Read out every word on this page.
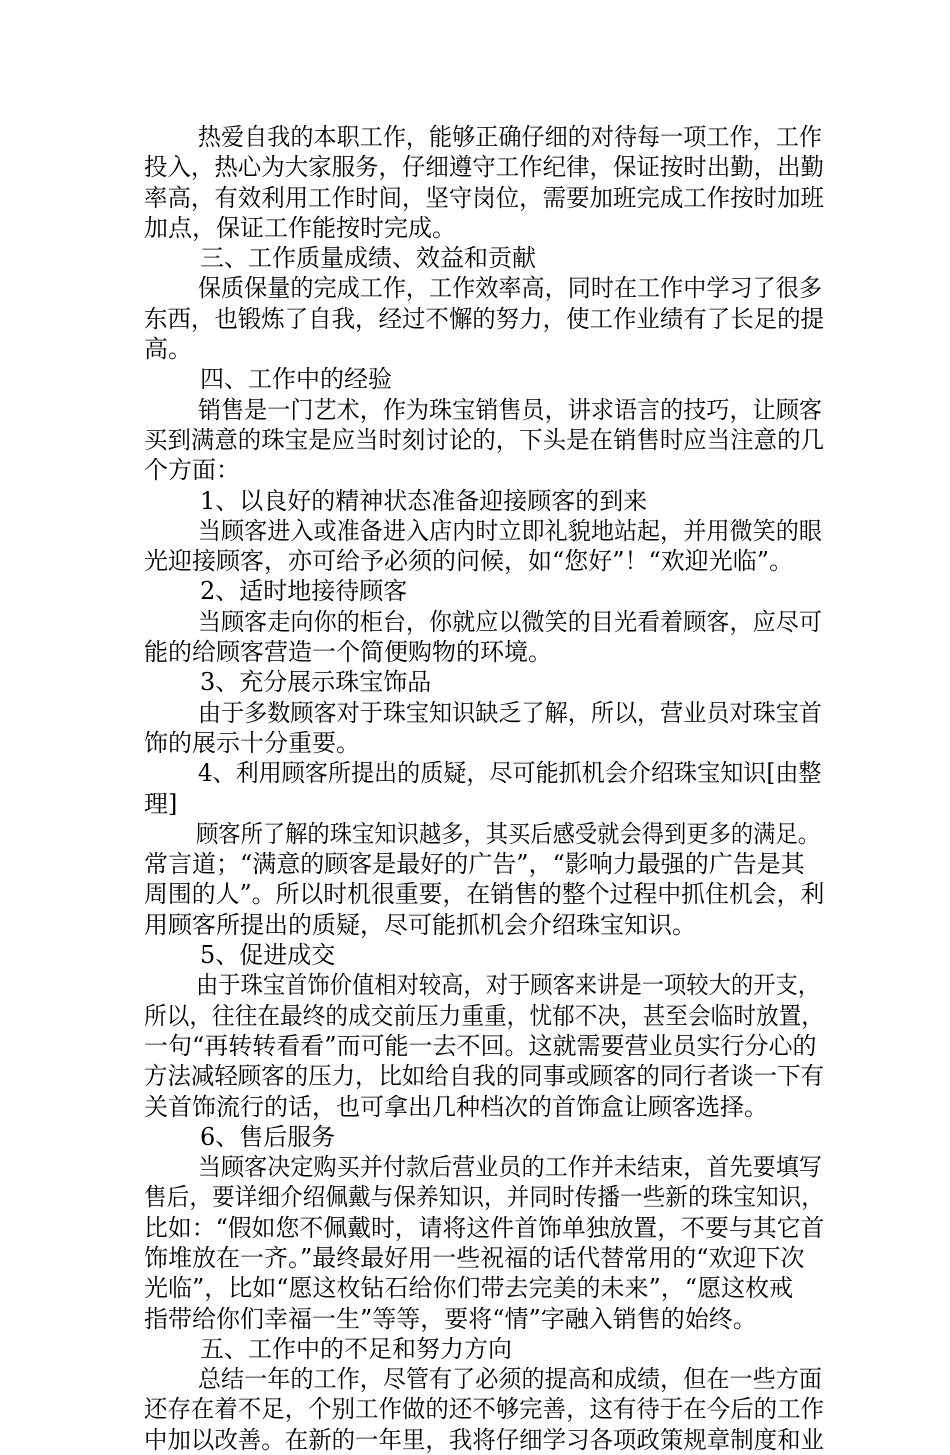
热爱自我的本职工作，能够正确仔细的对待每一项工作，工作
投入，热心为大家服务，仔细遵守工作纪律，保证按时出勤，出勤
率高，有效利用工作时间，坚守岗位，需要加班完成工作按时加班
加点，保证工作能按时完成。
三、工作质量成绩、效益和贡献
保质保量的完成工作，工作效率高，同时在工作中学习了很多
东西，也锻炼了自我，经过不懈的努力，使工作业绩有了长足的提
高。
四、工作中的经验
销售是一门艺术，作为珠宝销售员，讲求语言的技巧，让顾客
买到满意的珠宝是应当时刻讨论的，下头是在销售时应当注意的几
个方面：
1、以良好的精神状态准备迎接顾客的到来
当顾客进入或准备进入店内时立即礼貌地站起，并用微笑的眼
光迎接顾客，亦可给予必须的问候，如“您好”！“欢迎光临”。
2、适时地接待顾客
当顾客走向你的柜台，你就应以微笑的目光看着顾客，应尽可
能的给顾客营造一个简便购物的环境。
3、充分展示珠宝饰品
由于多数顾客对于珠宝知识缺乏了解，所以，营业员对珠宝首
饰的展示十分重要。
4、利用顾客所提出的质疑，尽可能抓机会介绍珠宝知识[由整
理]
顾客所了解的珠宝知识越多，其买后感受就会得到更多的满足。
常言道；“满意的顾客是最好的广告”，“影响力最强的广告是其
周围的人”。所以时机很重要，在销售的整个过程中抓住机会，利
用顾客所提出的质疑，尽可能抓机会介绍珠宝知识。
5、促进成交
由于珠宝首饰价值相对较高，对于顾客来讲是一项较大的开支，
所以，往往在最终的成交前压力重重，忧郁不决，甚至会临时放置，
一句“再转转看看”而可能一去不回。这就需要营业员实行分心的
方法减轻顾客的压力，比如给自我的同事或顾客的同行者谈一下有
关首饰流行的话，也可拿出几种档次的首饰盒让顾客选择。
6、售后服务
当顾客决定购买并付款后营业员的工作并未结束，首先要填写
售后，要详细介绍佩戴与保养知识，并同时传播一些新的珠宝知识，
比如：“假如您不佩戴时，请将这件首饰单独放置，不要与其它首
饰堆放在一齐。”最终最好用一些祝福的话代替常用的“欢迎下次
光临”，比如“愿这枚钻石给你们带去完美的未来”，“愿这枚戒
指带给你们幸福一生”等等，要将“情”字融入销售的始终。
五、工作中的不足和努力方向
总结一年的工作，尽管有了必须的提高和成绩，但在一些方面
还存在着不足，个别工作做的还不够完善，这有待于在今后的工作
中加以改善。在新的一年里，我将仔细学习各项政策规章制度和业
